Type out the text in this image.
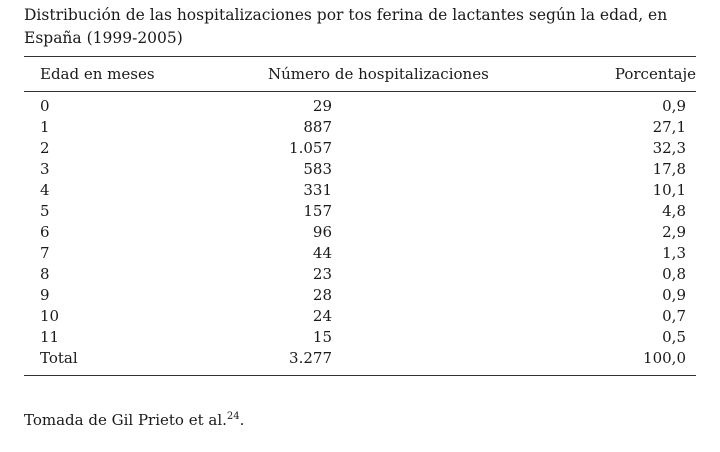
Distribución de las hospitalizaciones por tos ferina de lactantes según la edad, en España (1999-2005)

Edad en meses	Número de hospitalizaciones	Porcentaje
0	29	0,9
1	887	27,1
2	1.057	32,3
3	583	17,8
4	331	10,1
5	157	4,8
6	96	2,9
7	44	1,3
8	23	0,8
9	28	0,9
10	24	0,7
11	15	0,5
Total	3.277	100,0
Tomada de Gil Prieto et al.$^{24}$.
